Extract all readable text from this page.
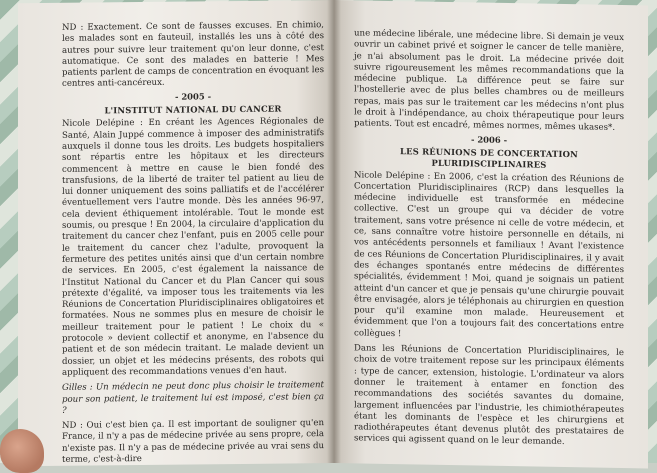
ND : Exactement. Ce sont de fausses excuses. En chimio, les malades sont en fauteuil, installés les uns à côté des autres pour suivre leur traitement qu'on leur donne, c'est automatique. Ce sont des malades en batterie ! Mes patients parlent de camps de concentration en évoquant les centres anti-cancéreux.

- 2005 -
L'INSTITUT NATIONAL DU CANCER

Nicole Delépine : En créant les Agences Régionales de Santé, Alain Juppé commence à imposer des administratifs auxquels il donne tous les droits. Les budgets hospitaliers sont répartis entre les hôpitaux et les directeurs commencent à mettre en cause le bien fondé des transfusions, de la liberté de traiter tel patient au lieu de lui donner uniquement des soins palliatifs et de l'accélérer éventuellement vers l'autre monde. Dès les années 96-97, cela devient éthiquement intolérable. Tout le monde est soumis, ou presque ! En 2004, la circulaire d'application du traitement du cancer chez l'enfant, puis en 2005 celle pour le traitement du cancer chez l'adulte, provoquent la fermeture des petites unités ainsi que d'un certain nombre de services. En 2005, c'est également la naissance de l'Institut National du Cancer et du Plan Cancer qui sous prétexte d'égalité, va imposer tous les traitements via les Réunions de Concertation Pluridisciplinaires obligatoires et formatées. Nous ne sommes plus en mesure de choisir le meilleur traitement pour le patient ! Le choix du « protocole » devient collectif et anonyme, en l'absence du patient et de son médecin traitant. Le malade devient un dossier, un objet et les médecins présents, des robots qui appliquent des recommandations venues d'en haut.

Gilles : Un médecin ne peut donc plus choisir le traitement pour son patient, le traitement lui est imposé, c'est bien ça ?

ND : Oui c'est bien ça. Il est important de souligner qu'en France, il n'y a pas de médecine privée au sens propre, cela n'existe pas. Il n'y a pas de médecine privée au vrai sens du terme, c'est-à-dire

une médecine libérale, une médecine libre. Si demain je veux ouvrir un cabinet privé et soigner le cancer de telle manière, je n'ai absolument pas le droit. La médecine privée doit suivre rigoureusement les mêmes recommandations que la médecine publique. La différence peut se faire sur l'hostellerie avec de plus belles chambres ou de meilleurs repas, mais pas sur le traitement car les médecins n'ont plus le droit à l'indépendance, au choix thérapeutique pour leurs patients. Tout est encadré, mêmes normes, mêmes ukases*.

- 2006 -
LES RÉUNIONS DE CONCERTATION PLURIDISCIPLINAIRES

Nicole Delépine : En 2006, c'est la création des Réunions de Concertation Pluridisciplinaires (RCP) dans lesquelles la médecine individuelle est transformée en médecine collective. C'est un groupe qui va décider de votre traitement, sans votre présence ni celle de votre médecin, et ce, sans connaître votre histoire personnelle en détails, ni vos antécédents personnels et familiaux ! Avant l'existence de ces Réunions de Concertation Pluridisciplinaires, il y avait des échanges spontanés entre médecins de différentes spécialités, évidemment ! Moi, quand je soignais un patient atteint d'un cancer et que je pensais qu'une chirurgie pouvait être envisagée, alors je téléphonais au chirurgien en question pour qu'il examine mon malade. Heureusement et évidemment que l'on a toujours fait des concertations entre collègues !

Dans les Réunions de Concertation Pluridisciplinaires, le choix de votre traitement repose sur les principaux éléments : type de cancer, extension, histologie. L'ordinateur va alors donner le traitement à entamer en fonction des recommandations des sociétés savantes du domaine, largement influencées par l'industrie, les chimiothérapeutes étant les dominants de l'espèce et les chirurgiens et radiothérapeutes étant devenus plutôt des prestataires de services qui agissent quand on le leur demande.
